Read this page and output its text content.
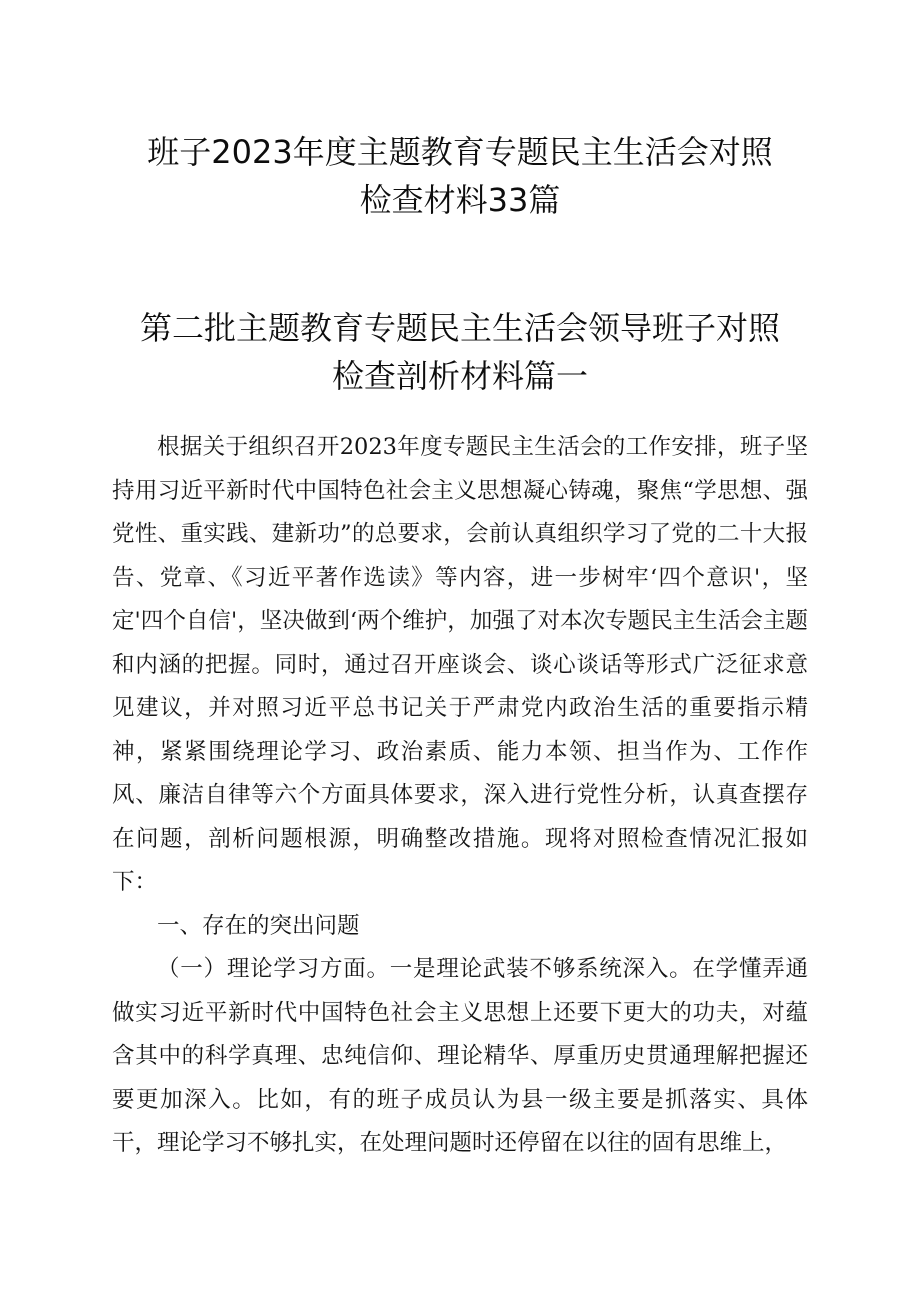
班子2023年度主题教育专题民主生活会对照
检查材料33篇
第二批主题教育专题民主生活会领导班子对照
检查剖析材料篇一

根据关于组织召开2023年度专题民主生活会的工作安排，班子坚持用习近平新时代中国特色社会主义思想凝心铸魂，聚焦“学思想、强党性、重实践、建新功”的总要求，会前认真组织学习了党的二十大报告、党章、《习近平著作选读》等内容，进一步树牢‘四个意识'，坚定'四个自信'，坚决做到‘两个维护，加强了对本次专题民主生活会主题和内涵的把握。同时，通过召开座谈会、谈心谈话等形式广泛征求意见建议，并对照习近平总书记关于严肃党内政治生活的重要指示精神，紧紧围绕理论学习、政治素质、能力本领、担当作为、工作作风、廉洁自律等六个方面具体要求，深入进行党性分析，认真查摆存在问题，剖析问题根源，明确整改措施。现将对照检查情况汇报如下：

一、存在的突出问题

（一）理论学习方面。一是理论武装不够系统深入。在学懂弄通做实习近平新时代中国特色社会主义思想上还要下更大的功夫，对蕴含其中的科学真理、忠纯信仰、理论精华、厚重历史贯通理解把握还要更加深入。比如，有的班子成员认为县一级主要是抓落实、具体干，理论学习不够扎实，在处理问题时还停留在以往的固有思维上，
